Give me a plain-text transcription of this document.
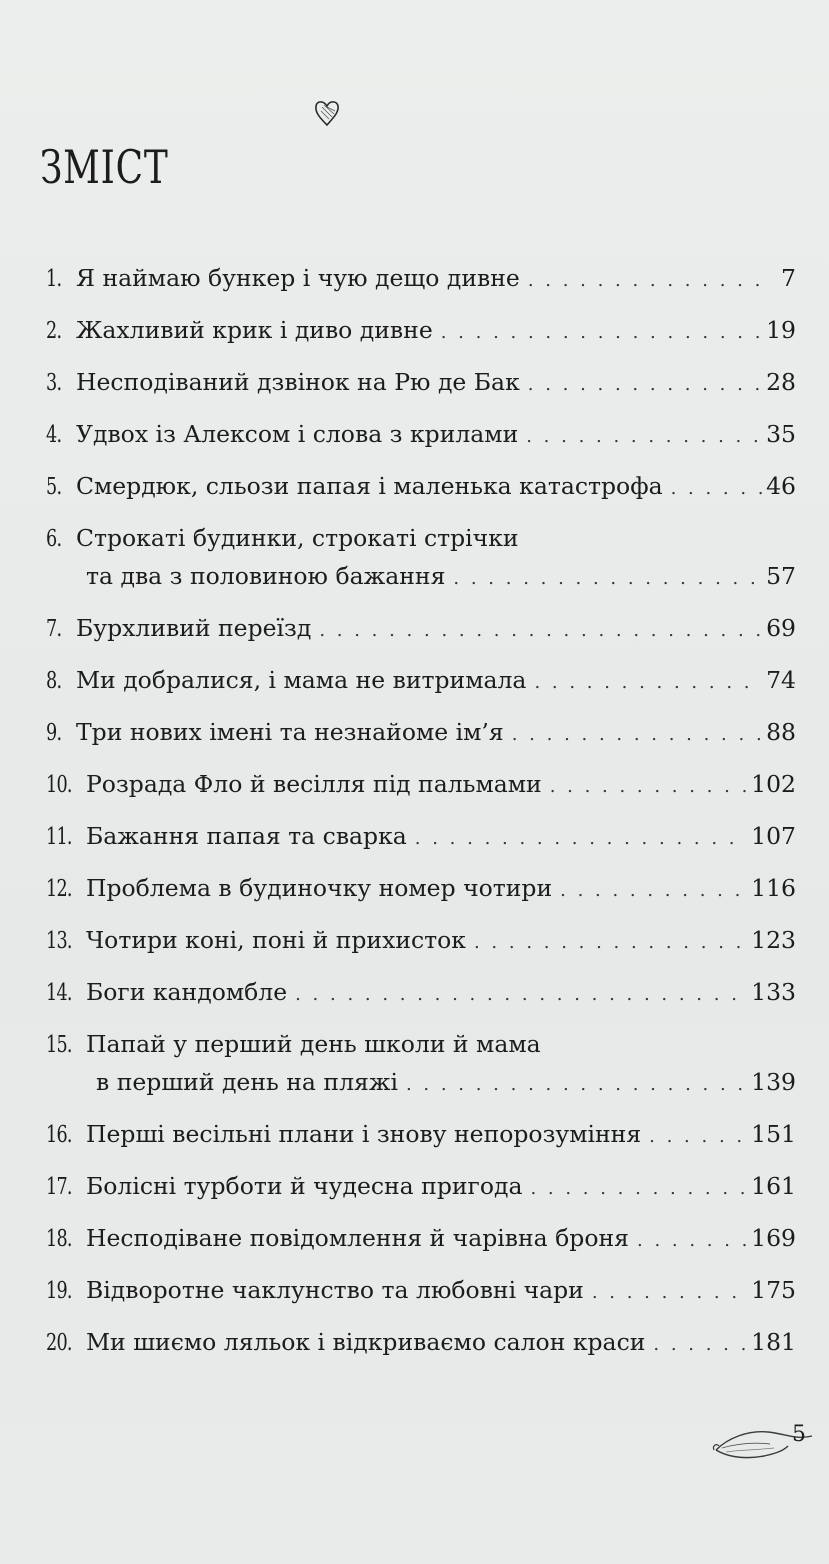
ЗМІСТ
1. Я наймаю бункер і чую дещо дивне . . .	7
2. Жахливий крик і диво дивне . . .	19
3. Несподіваний дзвінок на Рю де Бак . . .	28
4. Удвох із Алексом і слова з крилами . . .	35
5. Смердюк, сльози папая і маленька катастрофа . . .	46
6. Строкаті будинки, строкаті стрічки
та два з половиною бажання . . .	57
7. Бурхливий переїзд . . .	69
8. Ми добралися, і мама не витримала . . .	74
9. Три нових імені та незнайоме ім’я . . .	88
10. Розрада Фло й весілля під пальмами . . .	102
11. Бажання папая та сварка . . .	107
12. Проблема в будиночку номер чотири . . .	116
13. Чотири коні, поні й прихисток . . .	123
14. Боги кандомбле . . .	133
15. Папай у перший день школи й мама
в перший день на пляжі . . .	139
16. Перші весільні плани і знову непорозуміння . . .	151
17. Болісні турботи й чудесна пригода . . .	161
18. Несподіване повідомлення й чарівна броня . . .	169
19. Відворотне чаклунство та любовні чари . . .	175
20. Ми шиємо ляльок і відкриваємо салон краси . . .	181
5
